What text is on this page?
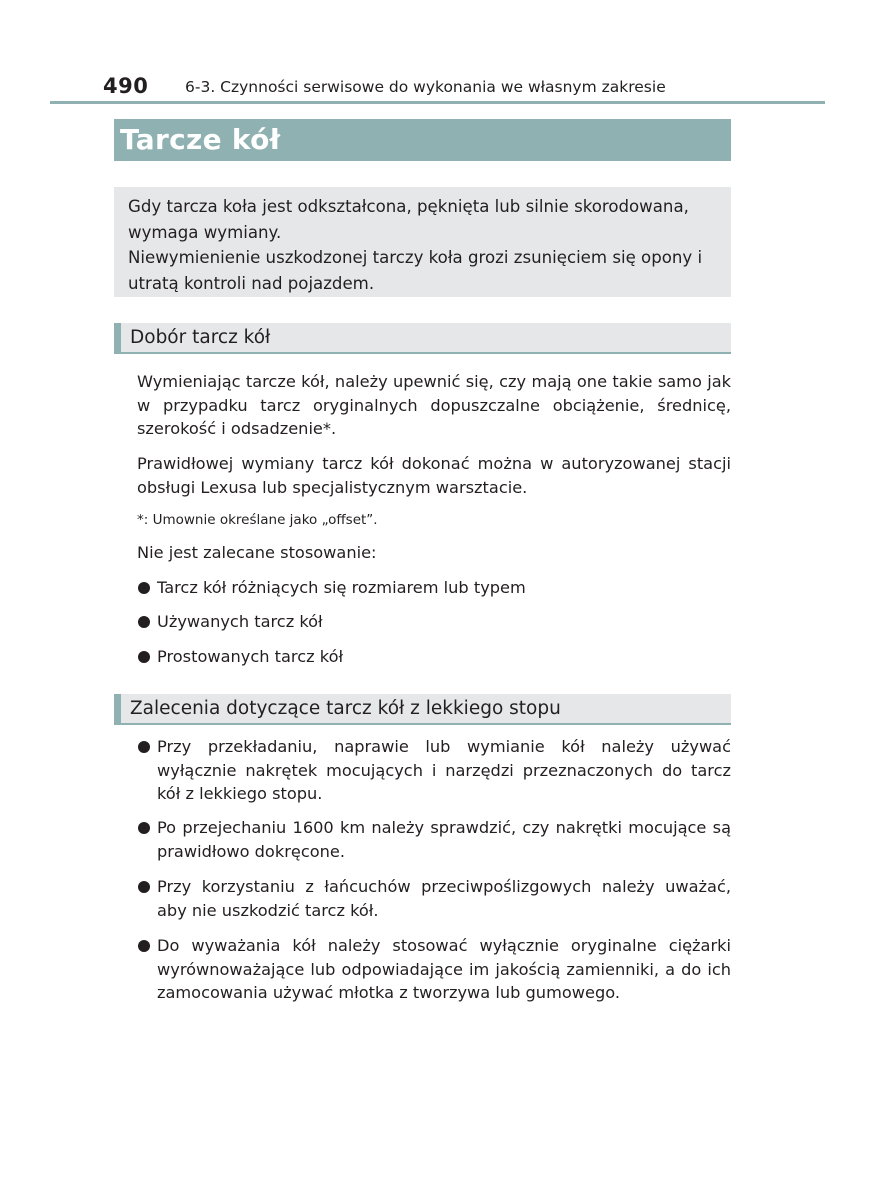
490 6-3. Czynności serwisowe do wykonania we własnym zakresie
Tarcze kół

Gdy tarcza koła jest odkształcona, pęknięta lub silnie skorodowana, wymaga wymiany.

Niewymienienie uszkodzonej tarczy koła grozi zsunięciem się opony i utratą kontroli nad pojazdem.

Dobór tarcz kół

Wymieniając tarcze kół, należy upewnić się, czy mają one takie samo jak w przypadku tarcz oryginalnych dopuszczalne obciążenie, średnicę, szerokość i odsadzenie*.

Prawidłowej wymiany tarcz kół dokonać można w autoryzowanej stacji obsługi Lexusa lub specjalistycznym warsztacie.

*: Umownie określane jako „offset”.
Nie jest zalecane stosowanie:
Tarcz kół różniących się rozmiarem lub typem
Używanych tarcz kół
Prostowanych tarcz kół
Zalecenia dotyczące tarcz kół z lekkiego stopu
Przy przekładaniu, naprawie lub wymianie kół należy używać wyłącznie nakrętek mocujących i narzędzi przeznaczonych do tarcz kół z lekkiego stopu.
Po przejechaniu 1600 km należy sprawdzić, czy nakrętki mocujące są prawidłowo dokręcone.
Przy korzystaniu z łańcuchów przeciwpoślizgowych należy uważać, aby nie uszkodzić tarcz kół.
Do wyważania kół należy stosować wyłącznie oryginalne ciężarki wyrównoważające lub odpowiadające im jakością zamienniki, a do ich zamocowania używać młotka z tworzywa lub gumowego.
